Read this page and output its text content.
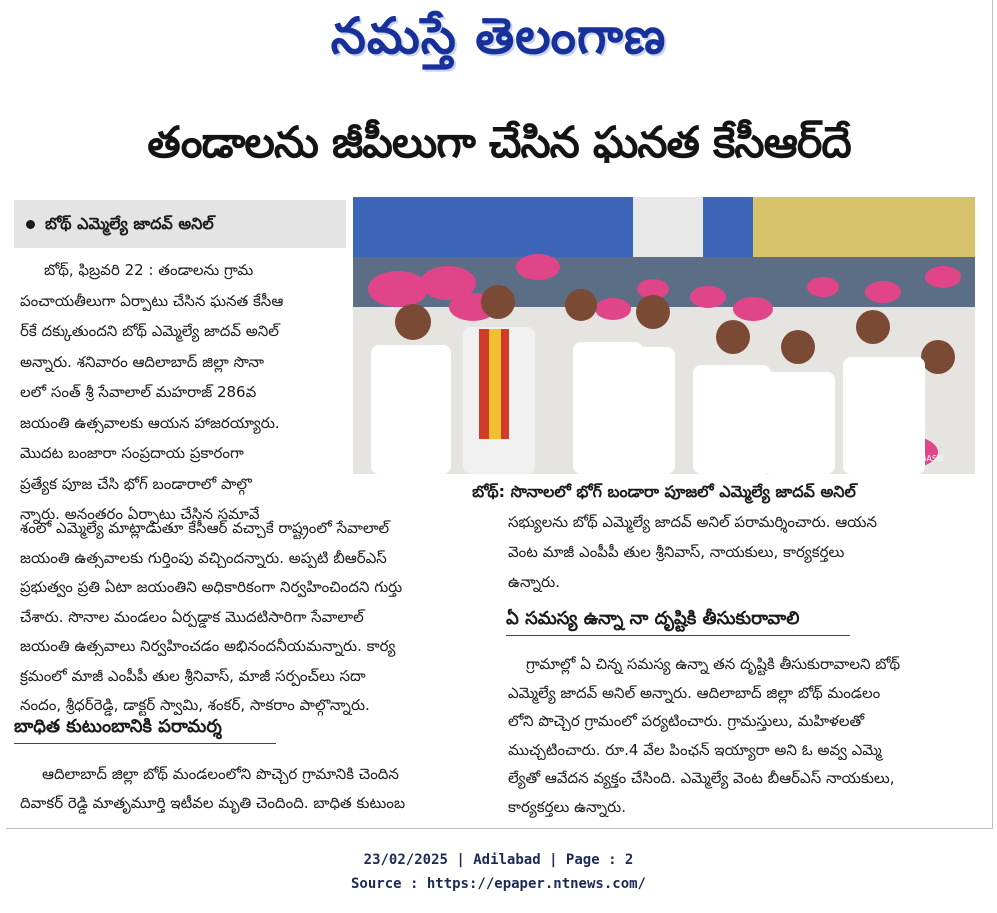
నమస్తే తెలంగాణ
తండాలను జీపీలుగా చేసిన ఘనత కేసీఆర్‌దే
బోథ్‌ ఎమ్మెల్యే జాదవ్‌ అనిల్‌
MASHAR BASH
బోథ్‌: సొనాలలో భోగ్‌ బండారా పూజలో ఎమ్మెల్యే జాదవ్‌ అనిల్‌
బోథ్‌, ఫిబ్రవరి 22 : తండాలను గ్రామ
పంచాయతీలుగా ఏర్పాటు చేసిన ఘనత కేసీఆ
ర్‌కే దక్కుతుందని బోథ్‌ ఎమ్మెల్యే జాదవ్‌ అనిల్‌
అన్నారు. శనివారం ఆదిలాబాద్‌ జిల్లా సొనా
లలో సంత్‌ శ్రీ సేవాలాల్‌ మహరాజ్‌ 286వ
జయంతి ఉత్సవాలకు ఆయన హాజరయ్యారు.
మొదట బంజారా సంప్రదాయ ప్రకారంగా
ప్రత్యేక పూజ చేసి భోగ్‌ బండారాలో పాల్గొ
న్నారు. అనంతరం ఏర్పాటు చేసిన సమావే
శంలో ఎమ్మెల్యే మాట్లాడుతూ కేసీఆర్‌ వచ్చాకే రాష్ట్రంలో సేవాలాల్‌
జయంతి ఉత్సవాలకు గుర్తింపు వచ్చిందన్నారు. అప్పటి బీఆర్‌ఎస్‌
ప్రభుత్వం ప్రతి ఏటా జయంతిని అధికారికంగా నిర్వహించిందని గుర్తు
చేశారు. సొనాల మండలం ఏర్పడ్డాక మొదటిసారిగా సేవాలాల్‌
జయంతి ఉత్సవాలు నిర్వహించడం అభినందనీయమన్నారు. కార్య
క్రమంలో మాజీ ఎంపీపీ తుల శ్రీనివాస్‌, మాజీ సర్పంచ్‌లు సదా
నందం, శ్రీధర్‌రెడ్డి, డాక్టర్‌ స్వామి, శంకర్‌, సాకరాం పాల్గొన్నారు.
బాధిత కుటుంబానికి పరామర్శ
ఆదిలాబాద్‌ జిల్లా బోథ్‌ మండలంలోని పొచ్చెర గ్రామానికి చెందిన
దివాకర్‌ రెడ్డి మాతృమూర్తి ఇటీవల మృతి చెందింది. బాధిత కుటుంబ
సభ్యులను బోథ్‌ ఎమ్మెల్యే జాదవ్‌ అనిల్‌ పరామర్శించారు. ఆయన
వెంట మాజీ ఎంపీపీ తుల శ్రీనివాస్‌, నాయకులు, కార్యకర్తలు
ఉన్నారు.
ఏ సమస్య ఉన్నా నా దృష్టికి తీసుకురావాలి
గ్రామాల్లో ఏ చిన్న సమస్య ఉన్నా తన దృష్టికి తీసుకురావాలని బోథ్‌
ఎమ్మెల్యే జాదవ్‌ అనిల్‌ అన్నారు. ఆదిలాబాద్‌ జిల్లా బోథ్‌ మండలం
లోని పొచ్చెర గ్రామంలో పర్యటించారు. గ్రామస్తులు, మహిళలతో
ముచ్చటించారు. రూ.4 వేల పింఛన్‌ ఇయ్యారా అని ఓ అవ్వ ఎమ్మె
ల్యేతో ఆవేదన వ్యక్తం చేసింది. ఎమ్మెల్యే వెంట బీఆర్‌ఎస్‌ నాయకులు,
కార్యకర్తలు ఉన్నారు.
23/02/2025 | Adilabad | Page : 2
Source : https://epaper.ntnews.com/
